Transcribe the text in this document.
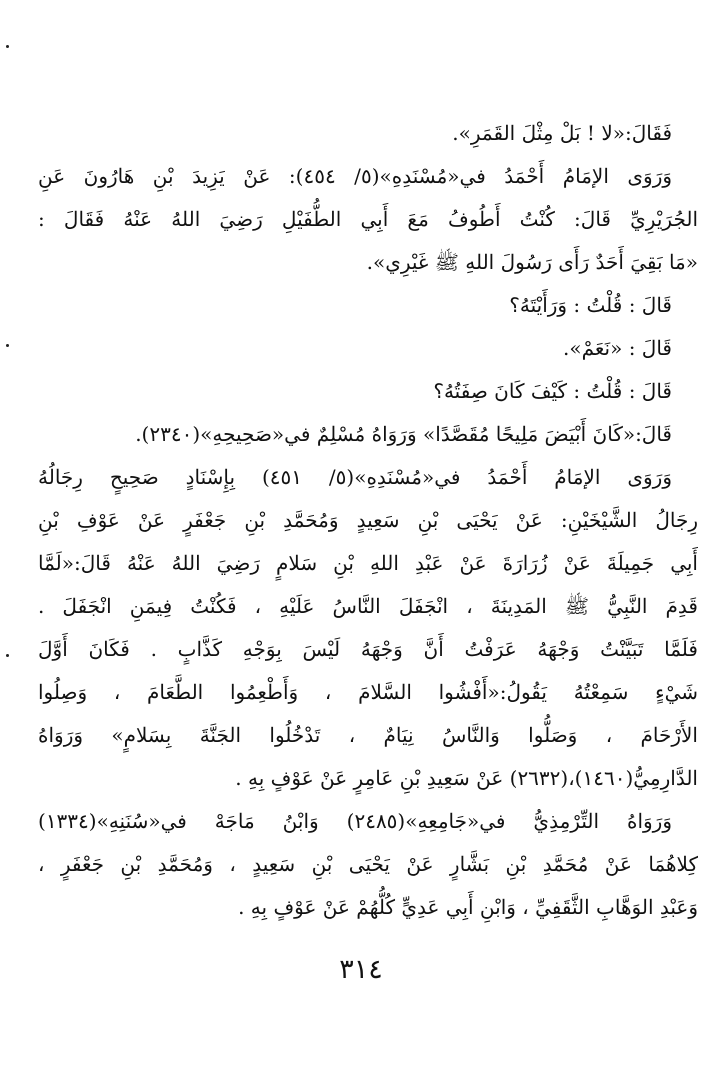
فَقَالَ:«لا ! بَلْ مِثْلَ القَمَرِ».
وَرَوَى الإمَامُ أَحْمَدُ في«مُسْنَدِهِ»(٥/ ٤٥٤): عَنْ يَزِيدَ بْنِ هَارُونَ عَنِ
الجُرَيْرِيِّ قَالَ: كُنْتُ أَطُوفُ مَعَ أَبِي الطُّفَيْلِ رَضِيَ اللهُ عَنْهُ فَقَالَ :
«مَا بَقِيَ أَحَدٌ رَأَى رَسُولَ اللهِ ﷺ غَيْرِي».
قَالَ : قُلْتُ : وَرَأَيْتَهُ؟
قَالَ : «نَعَمْ».
قَالَ : قُلْتُ : كَيْفَ كَانَ صِفَتُهُ؟
قَالَ:«كَانَ أَبْيَضَ مَلِيحًا مُقَصَّدًا» وَرَوَاهُ مُسْلِمٌ في«صَحِيحِهِ»(٢٣٤٠).
وَرَوَى الإمَامُ أَحْمَدُ في«مُسْنَدِهِ»(٥/ ٤٥١) بِإِسْنَادٍ صَحِيحٍ رِجَالُهُ
رِجَالُ الشَّيْخَيْنِ: عَنْ يَحْيَى بْنِ سَعِيدٍ وَمُحَمَّدِ بْنِ جَعْفَرٍ عَنْ عَوْفِ بْنِ
أَبِي جَمِيلَةَ عَنْ زُرَارَةَ عَنْ عَبْدِ اللهِ بْنِ سَلامٍ رَضِيَ اللهُ عَنْهُ قَالَ:«لَمَّا
قَدِمَ النَّبِيُّ ﷺ المَدِينَةَ ، انْجَفَلَ النَّاسُ عَلَيْهِ ، فَكُنْتُ فِيمَنِ انْجَفَلَ .
فَلَمَّا تَبَيَّنْتُ وَجْهَهُ عَرَفْتُ أَنَّ وَجْهَهُ لَيْسَ بِوَجْهِ كَذَّابٍ . فَكَانَ أَوَّلَ
شَيْءٍ سَمِعْتُهُ يَقُولُ:«أَفْشُوا السَّلامَ ، وَأَطْعِمُوا الطَّعَامَ ، وَصِلُوا
الأَرْحَامَ ، وَصَلُّوا وَالنَّاسُ نِيَامٌ ، تَدْخُلُوا الجَنَّةَ بِسَلامٍ» وَرَوَاهُ
الدَّارِمِيُّ(١٤٦٠)،(٢٦٣٢) عَنْ سَعِيدِ بْنِ عَامِرٍ عَنْ عَوْفٍ بِهِ .
وَرَوَاهُ التِّرْمِذِيُّ في«جَامِعِهِ»(٢٤٨٥) وَابْنُ مَاجَهْ في«سُنَنِهِ»(١٣٣٤)
كِلاهُمَا عَنْ مُحَمَّدِ بْنِ بَشَّارٍ عَنْ يَحْيَى بْنِ سَعِيدٍ ، وَمُحَمَّدِ بْنِ جَعْفَرٍ ،
وَعَبْدِ الوَهَّابِ الثَّقَفِيِّ ، وَابْنِ أَبِي عَدِيٍّ كُلُّهُمْ عَنْ عَوْفٍ بِهِ .
٣١٤
